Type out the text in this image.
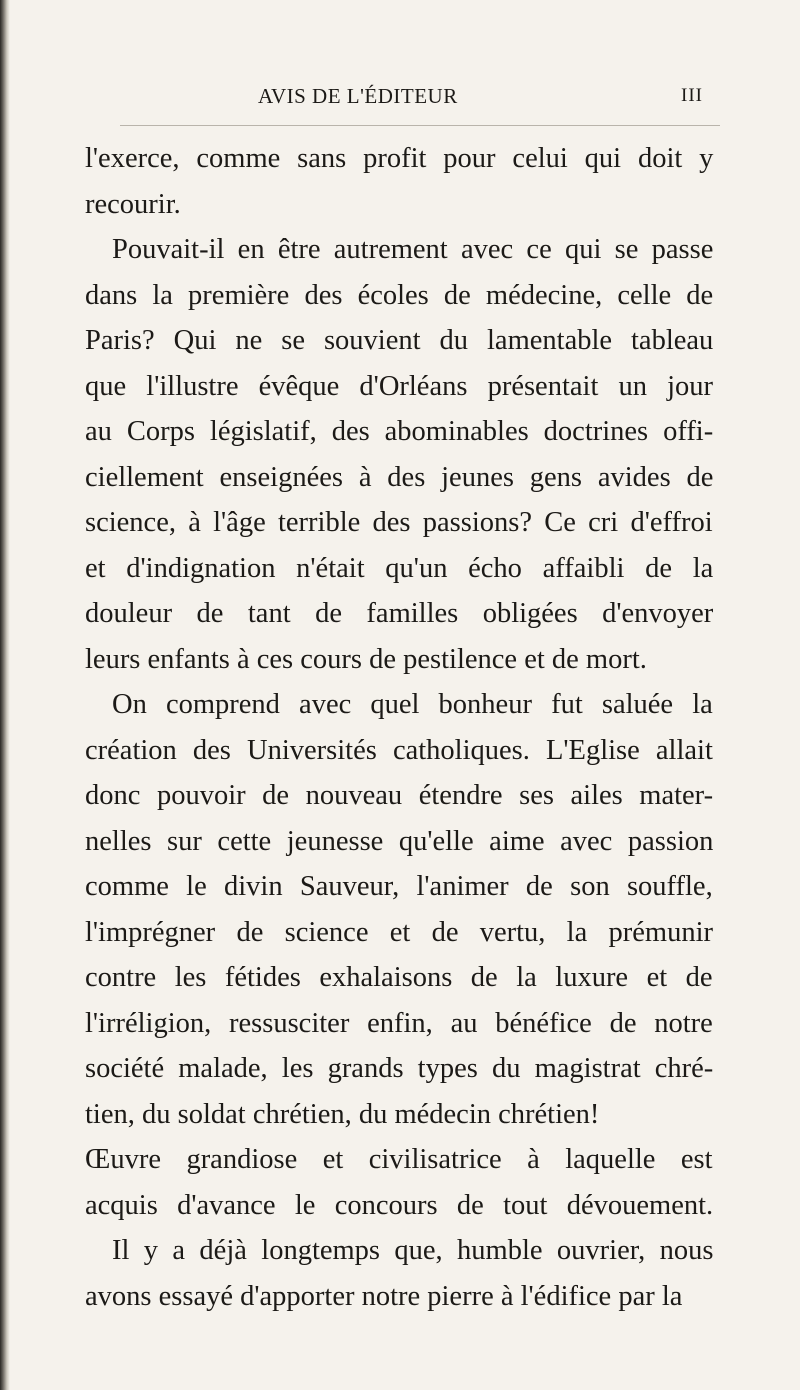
AVIS DE L'ÉDITEUR	III
l'exerce, comme sans profit pour celui qui doit y
recourir.
Pouvait-il en être autrement avec ce qui se passe
dans la première des écoles de médecine, celle de
Paris? Qui ne se souvient du lamentable tableau
que l'illustre évêque d'Orléans présentait un jour
au Corps législatif, des abominables doctrines offi-
ciellement enseignées à des jeunes gens avides de
science, à l'âge terrible des passions? Ce cri d'effroi
et d'indignation n'était qu'un écho affaibli de la
douleur de tant de familles obligées d'envoyer
leurs enfants à ces cours de pestilence et de mort.
On comprend avec quel bonheur fut saluée la
création des Universités catholiques. L'Eglise allait
donc pouvoir de nouveau étendre ses ailes mater-
nelles sur cette jeunesse qu'elle aime avec passion
comme le divin Sauveur, l'animer de son souffle,
l'imprégner de science et de vertu, la prémunir
contre les fétides exhalaisons de la luxure et de
l'irréligion, ressusciter enfin, au bénéfice de notre
société malade, les grands types du magistrat chré-
tien, du soldat chrétien, du médecin chrétien!
Œuvre grandiose et civilisatrice à laquelle est
acquis d'avance le concours de tout dévouement.
Il y a déjà longtemps que, humble ouvrier, nous
avons essayé d'apporter notre pierre à l'édifice par la
